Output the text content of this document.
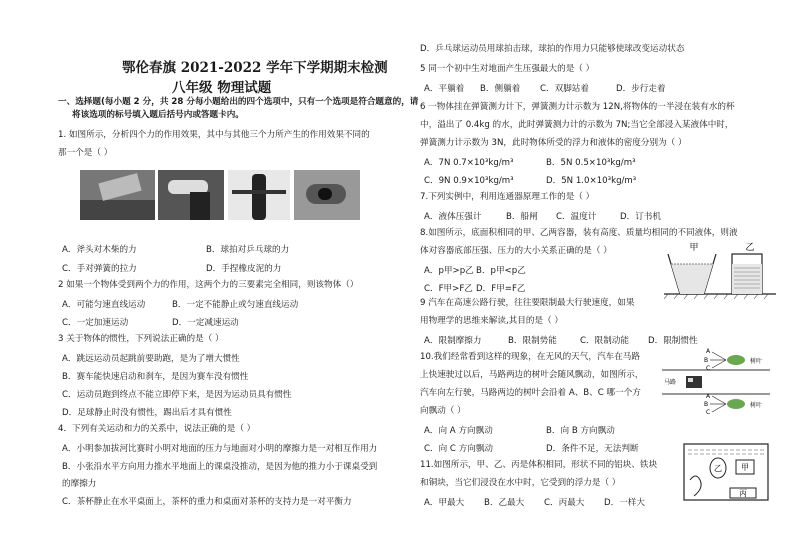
鄂伦春旗 2021-2022 学年下学期期末检测
八年级 物理试题
一、选择题(每小题 2 分，共 28 分每小题给出的四个选项中，只有一个选项是符合题意的，请
将该选项的标号填入题后括号内或答题卡内。
1. 如图所示，分析四个力的作用效果，其中与其他三个力所产生的作用效果不同的
那一个是（ ）
A．斧头对木柴的力	B．球拍对乒乓球的力
C．手对弹簧的拉力	D．手捏橡皮泥的力
2 如果一个物体受到两个力的作用，这两个力的三要素完全相同，则该物体（）
A．可能匀速直线运动	B．一定不能静止或匀速直线运动
C．一定加速运动	D．一定减速运动
3 关于物体的惯性，下列说法正确的是（ ）
A．跳远运动员起跳前要助跑，是为了增大惯性
B．赛车能快速启动和刹车，是因为赛车没有惯性
C．运动员跑到终点不能立即停下来，是因为运动员具有惯性
D．足球静止时没有惯性，踢出后才具有惯性
4．下列有关运动和力的关系中，说法正确的是（ ）
A．小明参加拔河比赛时小明对地面的压力与地面对小明的摩擦力是一对相互作用力
B．小张沿水平方向用力推水平地面上的课桌没推动，是因为他的推力小于课桌受到
的摩擦力
C．茶杯静止在水平桌面上，茶杯的重力和桌面对茶杯的支持力是一对平衡力
D．乒乓球运动员用球拍击球，球拍的作用力只能够使球改变运动状态
5 同一个初中生对地面产生压强最大的是（ ）
A．平躺着 B．侧躺着 C．双脚站着	D．步行走着
6 一物体挂在弹簧测力计下，弹簧测力计示数为 12N,将物体的一半浸在装有水的杯
中，溢出了 0.4kg 的水，此时弹簧测力计的示数为 7N;当它全部浸入某液体中时，
弹簧测力计示数为 3N，此时物体所受的浮力和液体的密度分别为（ ）
A．7N 0.7×10³kg/m³	B．5N 0.5×10³kg/m³
C．9N 0.9×10³kg/m³	D．5N 1.0×10³kg/m³
7.下列实例中，利用连通器原理工作的是（ ）
A．液体压强计	B．船闸 C．温度计	D．订书机
8.如图所示，底面积相同的甲、乙两容器，装有高度、质量均相同的不同液体，则液
体对容器底部压强、压力的大小关系正确的是（ ）
A．p甲>p乙 B．p甲<p乙
C．F甲>F乙 D．F甲=F乙
甲	乙
9 汽车在高速公路行驶，往往要限制最大行驶速度，如果
用物理学的思维来解读,其目的是（ ）
A．限制摩擦力	B．限制势能	C．限制动能 D．限制惯性
10.我们经常看到这样的现象，在无风的天气，汽车在马路
上快速驶过以后，马路两边的树叶会随风飘动，如图所示，
汽车向左行驶，马路两边的树叶会沿着 A、B、C 哪一个方
向飘动（ ）
马路
树叶
树叶
A
B
C
A
B
C
A．向 A 方向飘动	B．向 B 方向飘动
C．向 C 方向飘动	D．条件不足，无法判断
11.如图所示，甲、乙、丙是体积相同，形状不同的铝块、铁块
和铜块，当它们浸没在水中时，它受到的浮力是（ ）
A．甲最大 B．乙最大 C．丙最大 D．一样大
乙 甲
丙
